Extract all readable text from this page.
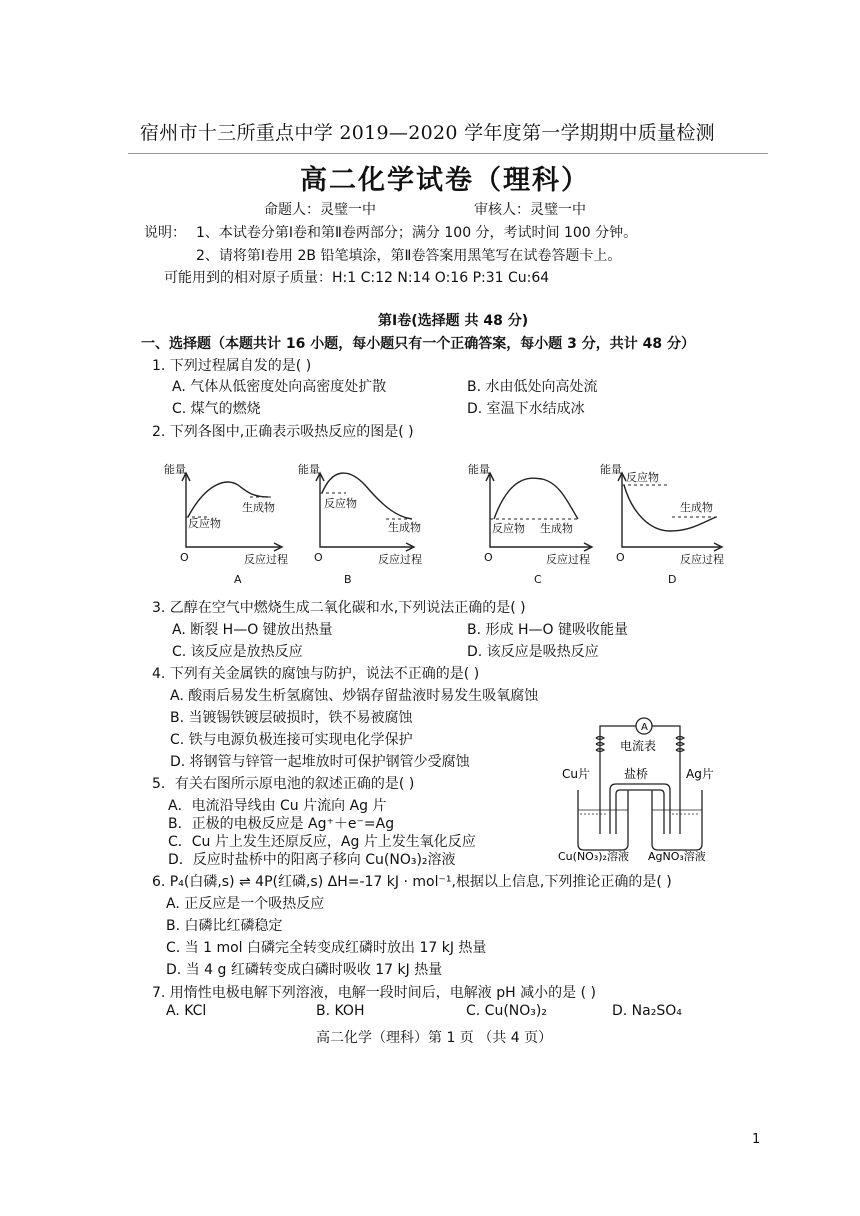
宿州市十三所重点中学 2019—2020 学年度第一学期期中质量检测
高二化学试卷（理科）
命题人：灵璧一中	审核人：灵璧一中
说明： 1、本试卷分第Ⅰ卷和第Ⅱ卷两部分；满分 100 分，考试时间 100 分钟。
2、请将第Ⅰ卷用 2B 铅笔填涂，第Ⅱ卷答案用黑笔写在试卷答题卡上。
可能用到的相对原子质量：H:1 C:12 N:14 O:16 P:31 Cu:64
第Ⅰ卷(选择题 共 48 分)
一、选择题（本题共计 16 小题，每小题只有一个正确答案，每小题 3 分，共计 48 分）
1. 下列过程属自发的是( )
A. 气体从低密度处向高密度处扩散	B. 水由低处向高处流
C. 煤气的燃烧	D. 室温下水结成冰
2. 下列各图中,正确表示吸热反应的图是( )
能量
反应物
生成物
O	反应过程
A
能量
反应物
生成物
O	反应过程
B
能量
反应物 生成物
O	反应过程
C
能量
反应物
生成物
O	反应过程
D
3. 乙醇在空气中燃烧生成二氧化碳和水,下列说法正确的是( )
A. 断裂 H—O 键放出热量	B. 形成 H—O 键吸收能量
C. 该反应是放热反应	D. 该反应是吸热反应
4. 下列有关金属铁的腐蚀与防护，说法不正确的是( )
A. 酸雨后易发生析氢腐蚀、炒锅存留盐液时易发生吸氧腐蚀
B. 当镀锡铁镀层破损时，铁不易被腐蚀
C. 铁与电源负极连接可实现电化学保护
D. 将钢管与锌管一起堆放时可保护钢管少受腐蚀
5．有关右图所示原电池的叙述正确的是( )
A．电流沿导线由 Cu 片流向 Ag 片
B．正极的电极反应是 Ag⁺＋e⁻=Ag
C．Cu 片上发生还原反应，Ag 片上发生氧化反应
D．反应时盐桥中的阳离子移向 Cu(NO₃)₂溶液
A
电流表
Cu片	盐桥	Ag片
Cu(NO₃)₂溶液 AgNO₃溶液
6. P₄(白磷,s) ⇌ 4P(红磷,s) ΔH=-17 kJ · mol⁻¹,根据以上信息,下列推论正确的是( )
A. 正反应是一个吸热反应
B. 白磷比红磷稳定
C. 当 1 mol 白磷完全转变成红磷时放出 17 kJ 热量
D. 当 4 g 红磷转变成白磷时吸收 17 kJ 热量
7. 用惰性电极电解下列溶液，电解一段时间后，电解液 pH 减小的是 ( )
A. KCl	B. KOH	C. Cu(NO₃)₂	D. Na₂SO₄
高二化学（理科）第 1 页 （共 4 页）
1
